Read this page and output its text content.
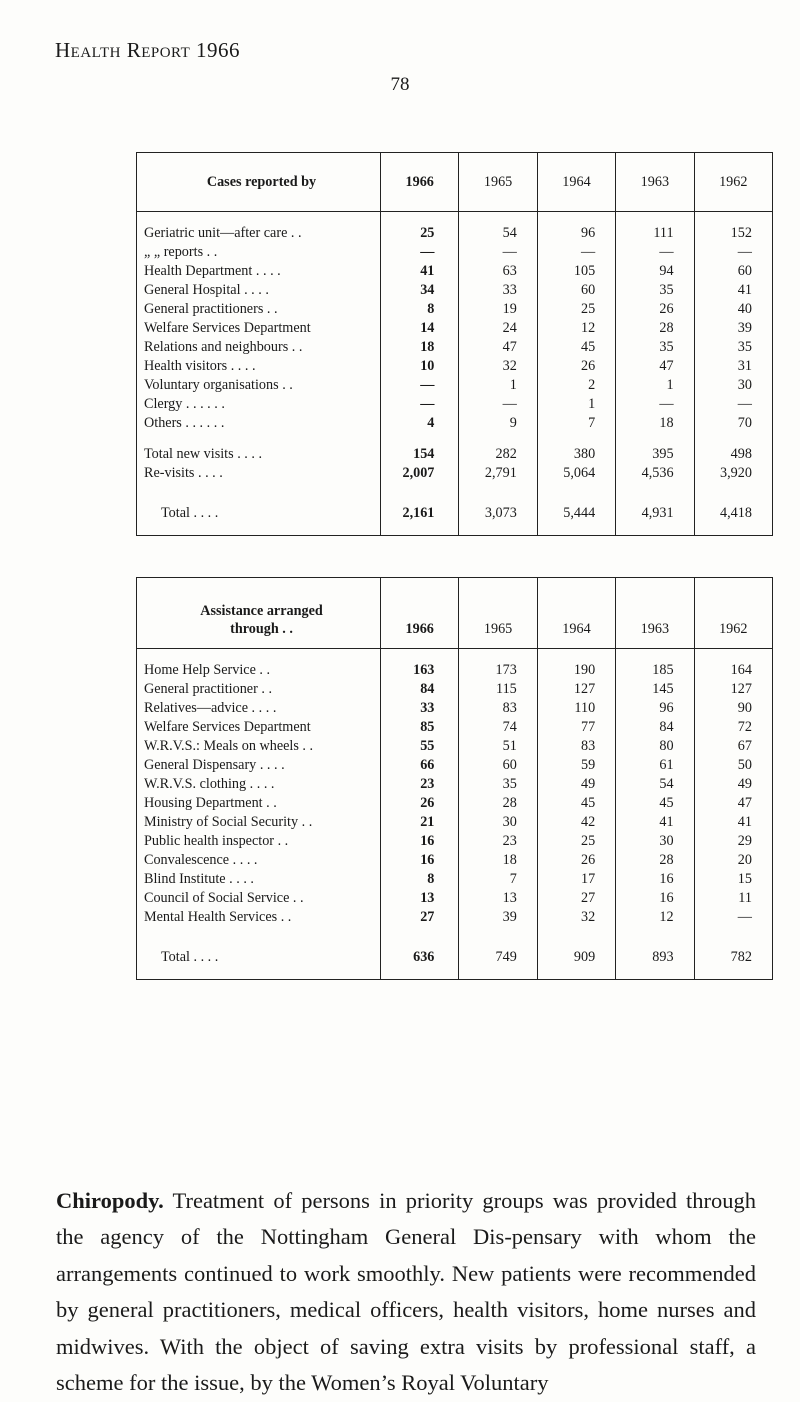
Health Report 1966
78
Cases reported by	1966	1965	1964	1963	1962

Geriatric unit—after care . .	25	54	96	111	152
„ „ reports . .	—	—	—	—	—
Health Department . . . .	41	63	105	94	60
General Hospital . . . .	34	33	60	35	41
General practitioners . .	8	19	25	26	40
Welfare Services Department	14	24	12	28	39
Relations and neighbours . .	18	47	45	35	35
Health visitors . . . .	10	32	26	47	31
Voluntary organisations . .	—	1	2	1	30
Clergy . . . . . .	—	—	1	—	—
Others . . . . . .	4	9	7	18	70

Total new visits . . . .	154	282	380	395	498
Re-visits . . . .	2,007	2,791	5,064	4,536	3,920

Total . . . .	2,161	3,073	5,444	4,931	4,418
Assistance arranged
through . .	1966	1965	1964	1963	1962

Home Help Service . .	163	173	190	185	164
General practitioner . .	84	115	127	145	127
Relatives—advice . . . .	33	83	110	96	90
Welfare Services Department	85	74	77	84	72
W.R.V.S.: Meals on wheels . .	55	51	83	80	67
General Dispensary . . . .	66	60	59	61	50
W.R.V.S. clothing . . . .	23	35	49	54	49
Housing Department . .	26	28	45	45	47
Ministry of Social Security . .	21	30	42	41	41
Public health inspector . .	16	23	25	30	29
Convalescence . . . .	16	18	26	28	20
Blind Institute . . . .	8	7	17	16	15
Council of Social Service . .	13	13	27	16	11
Mental Health Services . .	27	39	32	12	—

Total . . . .	636	749	909	893	782

Chiropody. Treatment of persons in priority groups was provided through the agency of the Nottingham General Dis-pensary with whom the arrangements continued to work smoothly. New patients were recommended by general practitioners, medical officers, health visitors, home nurses and midwives. With the object of saving extra visits by professional staff, a scheme for the issue, by the Women’s Royal Voluntary
